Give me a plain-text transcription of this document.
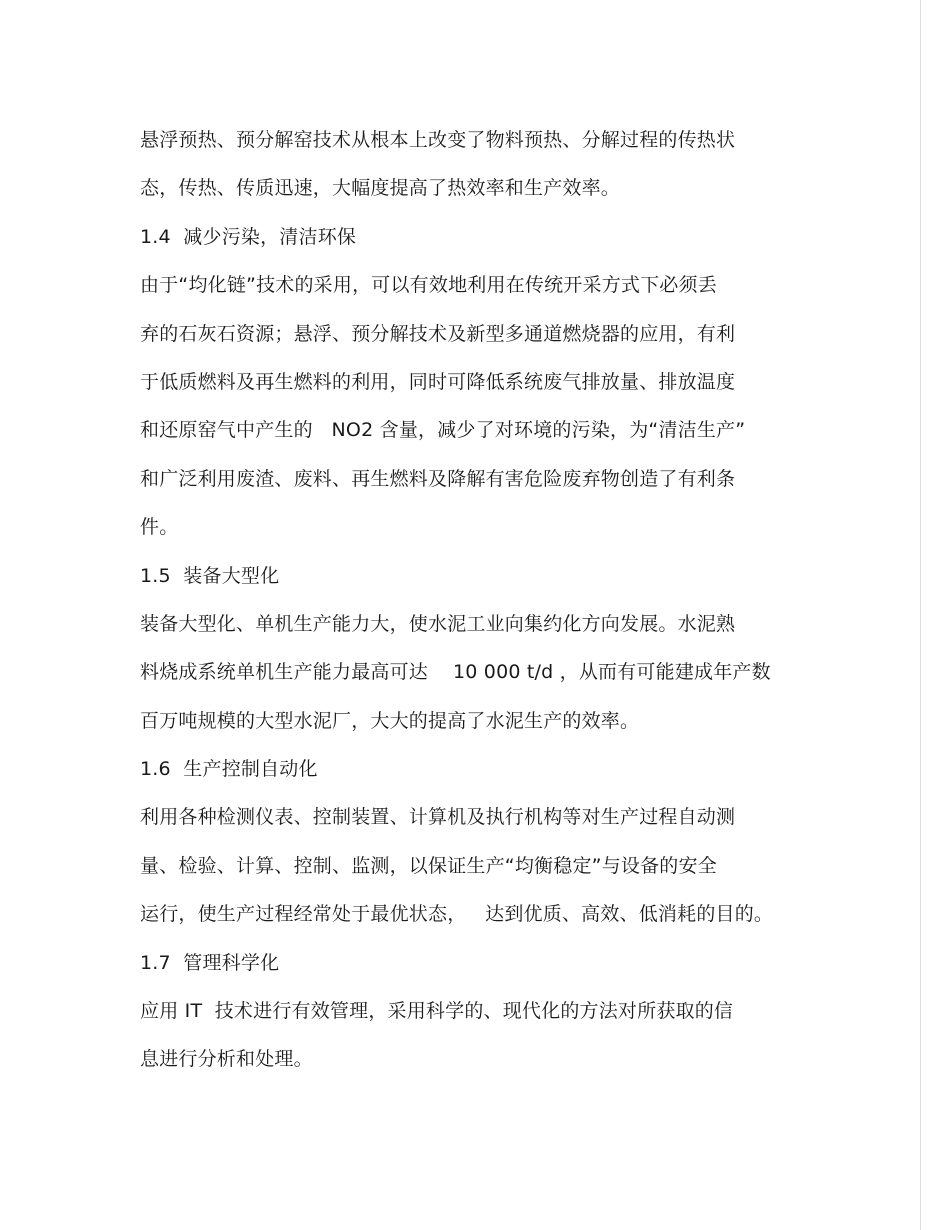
悬浮预热、预分解窑技术从根本上改变了物料预热、分解过程的传热状
态，传热、传质迅速，大幅度提高了热效率和生产效率。
1.4  减少污染，清洁环保
由于“均化链”技术的采用，可以有效地利用在传统开采方式下必须丢
弃的石灰石资源；悬浮、预分解技术及新型多通道燃烧器的应用，有利
于低质燃料及再生燃料的利用，同时可降低系统废气排放量、排放温度
和还原窑气中产生的   NO2 含量，减少了对环境的污染，为“清洁生产”
和广泛利用废渣、废料、再生燃料及降解有害危险废弃物创造了有利条
件。
1.5  装备大型化
装备大型化、单机生产能力大，使水泥工业向集约化方向发展。水泥熟
料烧成系统单机生产能力最高可达    10 000 t/d ，从而有可能建成年产数
百万吨规模的大型水泥厂，大大的提高了水泥生产的效率。
1.6  生产控制自动化
利用各种检测仪表、控制装置、计算机及执行机构等对生产过程自动测
量、检验、计算、控制、监测，以保证生产“均衡稳定”与设备的安全
运行，使生产过程经常处于最优状态，   达到优质、高效、低消耗的目的。
1.7  管理科学化
应用 IT  技术进行有效管理，采用科学的、现代化的方法对所获取的信
息进行分析和处理。
